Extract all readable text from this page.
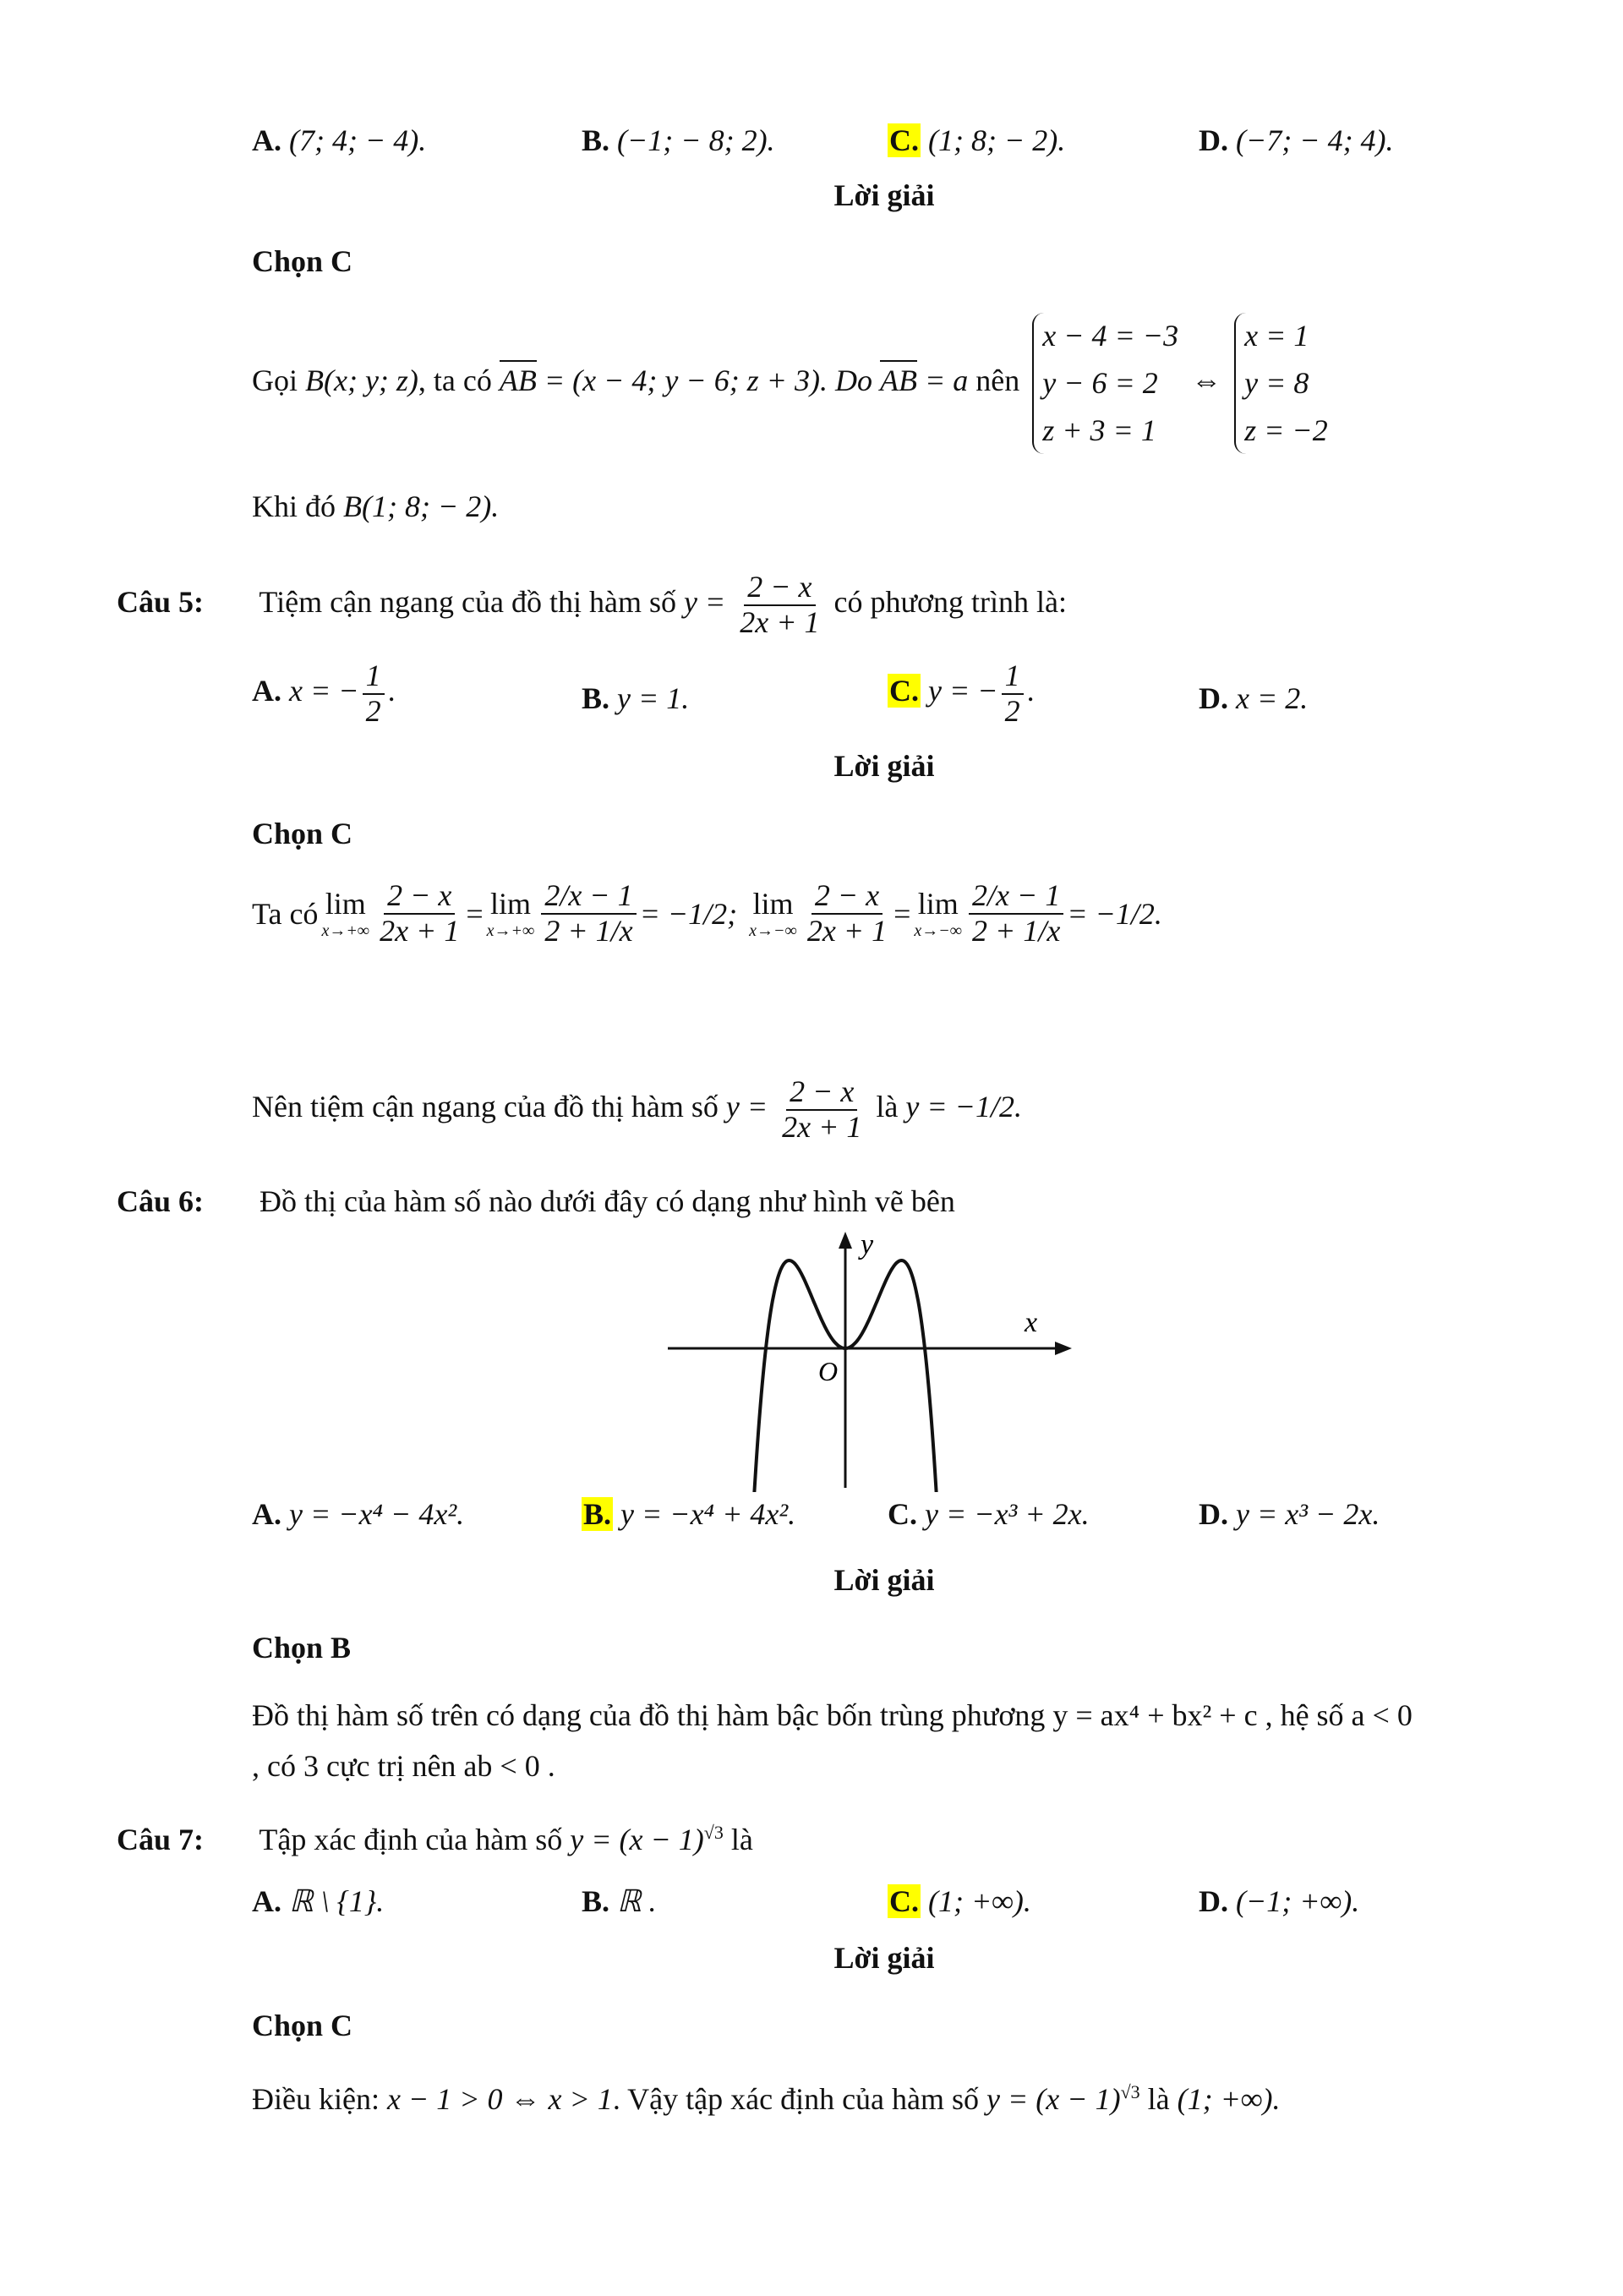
A. (7; 4; − 4).	B. (−1; − 8; 2).	C. (1; 8; − 2).	D. (−7; − 4; 4).
Lời giải
Chọn C
Gọi B(x; y; z), ta có AB = (x − 4; y − 6; z + 3). Do AB = a nên
x − 4 = −3
y − 6 = 2
z + 3 = 1
⇔
x = 1
y = 8
z = −2
Khi đó B(1; 8; − 2).
Câu 5: Tiệm cận ngang của đồ thị hàm số $y = \frac{2 - x}{2x + 1}$ có phương trình là:
A. x = − $\frac{1}{2}$ .	B. y = 1.	C. y = − $\frac{1}{2}$ .	D. x = 2.
Lời giải
Chọn C
Ta có lim
$x\to+\infty \frac{2 - x}{2x + 1} = \lim$
$x\to+\infty \frac{2/x - 1}{2 + 1/x} = -1/2$; lim
$x\to-\infty \frac{2 - x}{2x + 1} = \lim$
$x\to-\infty \frac{2/x - 1}{2 + 1/x} = -1/2$.
Nên tiệm cận ngang của đồ thị hàm số $y = \frac{2 - x}{2x + 1}$ là y = −1/2.
Câu 6: Đồ thị của hàm số nào dưới đây có dạng như hình vẽ bên
y
x
O
A. y = −x⁴ − 4x².	B. y = −x⁴ + 4x².	C. y = −x³ + 2x.	D. y = x³ − 2x.
Lời giải
Chọn B
Đồ thị hàm số trên có dạng của đồ thị hàm bậc bốn trùng phương y = ax⁴ + bx² + c , hệ số a < 0
, có 3 cực trị nên ab < 0 .
Câu 7: Tập xác định của hàm số $y = (x - 1)^{√3}$ là
A. ℝ \ {1}.	B. ℝ .	C. (1; +∞).	D. (−1; +∞).
Lời giải
Chọn C
Điều kiện: x − 1 > 0 ⇔ x > 1. Vậy tập xác định của hàm số $y = (x - 1)^{√3}$ là (1; +∞).
